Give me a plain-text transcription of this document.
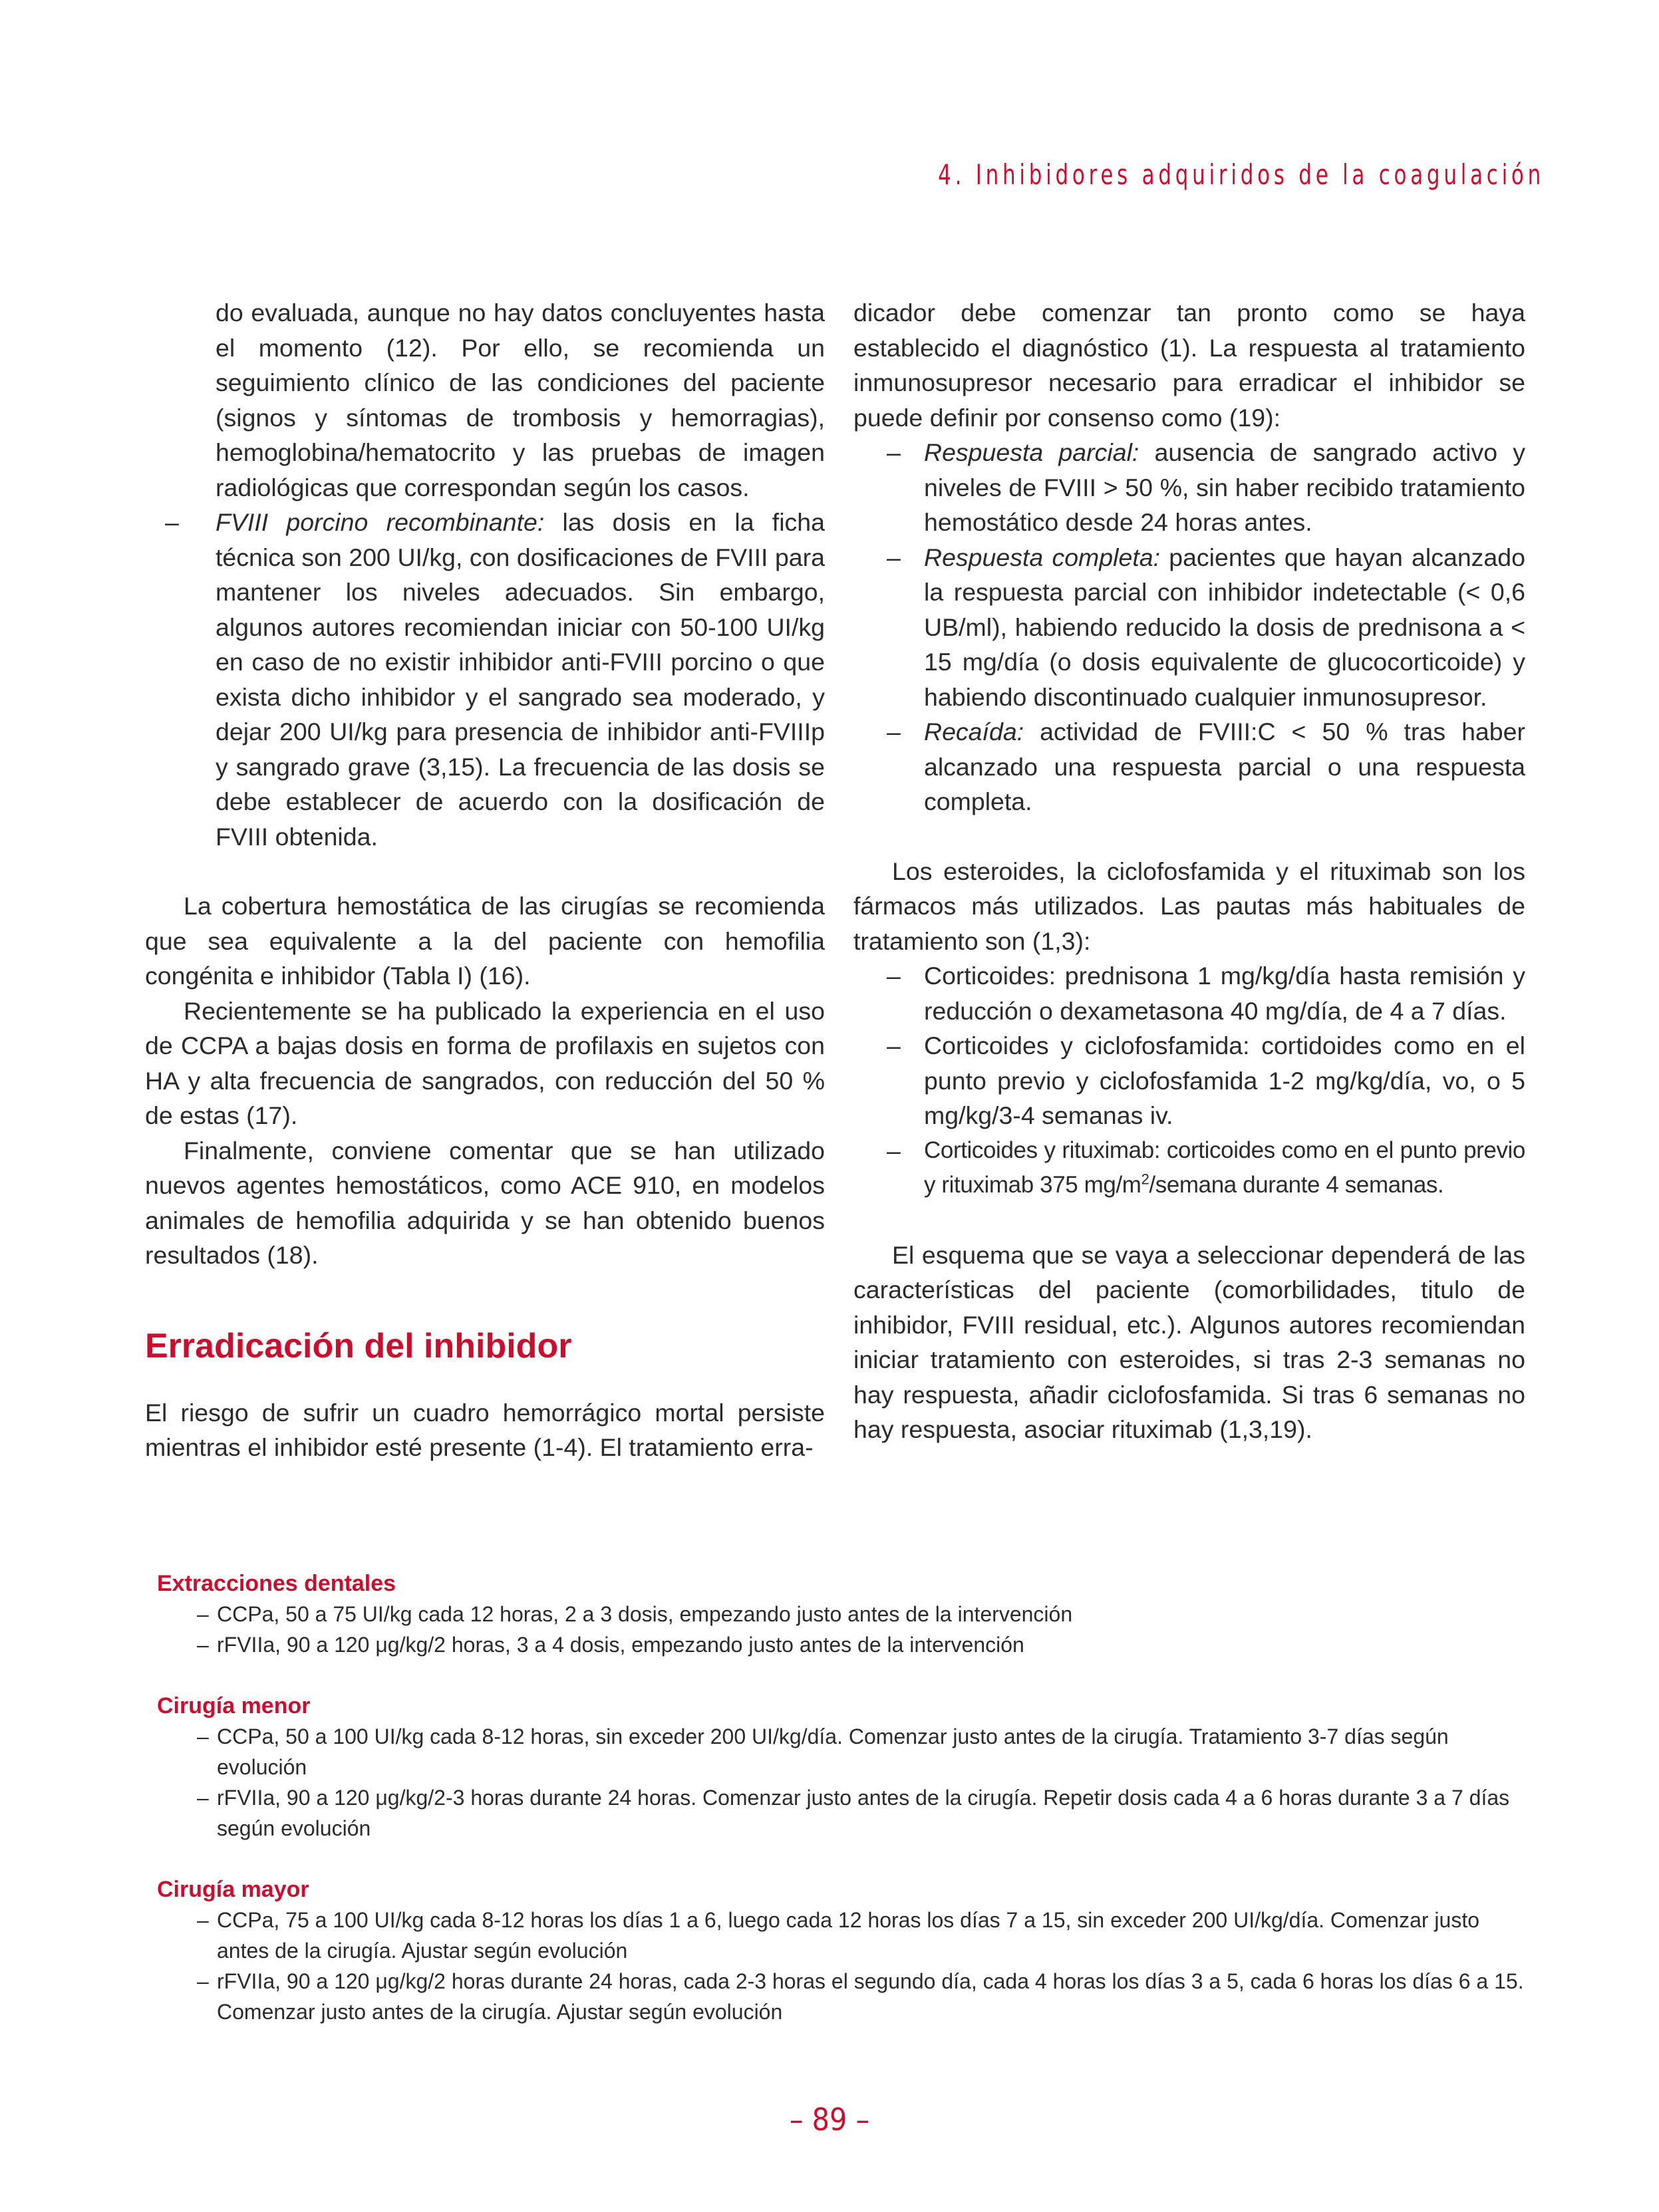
4. Inhibidores adquiridos de la coagulación

do evaluada, aunque no hay datos concluyentes hasta el momento (12). Por ello, se recomienda un seguimiento clínico de las condiciones del paciente (signos y síntomas de trombosis y hemorragias), hemoglobina/hematocrito y las pruebas de imagen radiológicas que correspondan según los casos.

– FVIII porcino recombinante: las dosis en la ficha técnica son 200 UI/kg, con dosificaciones de FVIII para mantener los niveles adecuados. Sin embargo, algunos autores recomiendan iniciar con 50-100 UI/kg en caso de no existir inhibidor anti-FVIII porcino o que exista dicho inhibidor y el sangrado sea moderado, y dejar 200 UI/kg para presencia de inhibidor anti-FVIIIp y sangrado grave (3,15). La frecuencia de las dosis se debe establecer de acuerdo con la dosificación de FVIII obtenida.

La cobertura hemostática de las cirugías se recomienda que sea equivalente a la del paciente con hemofilia congénita e inhibidor (Tabla I) (16).

Recientemente se ha publicado la experiencia en el uso de CCPA a bajas dosis en forma de profilaxis en sujetos con HA y alta frecuencia de sangrados, con reducción del 50 % de estas (17).

Finalmente, conviene comentar que se han utilizado nuevos agentes hemostáticos, como ACE 910, en modelos animales de hemofilia adquirida y se han obtenido buenos resultados (18).

Erradicación del inhibidor

El riesgo de sufrir un cuadro hemorrágico mortal persiste mientras el inhibidor esté presente (1-4). El tratamiento erra-

dicador debe comenzar tan pronto como se haya establecido el diagnóstico (1). La respuesta al tratamiento inmunosupresor necesario para erradicar el inhibidor se puede definir por consenso como (19):

– Respuesta parcial: ausencia de sangrado activo y niveles de FVIII > 50 %, sin haber recibido tratamiento hemostático desde 24 horas antes.
– Respuesta completa: pacientes que hayan alcanzado la respuesta parcial con inhibidor indetectable (< 0,6 UB/ml), habiendo reducido la dosis de prednisona a < 15 mg/día (o dosis equivalente de glucocorticoide) y habiendo discontinuado cualquier inmunosupresor.
– Recaída: actividad de FVIII:C < 50 % tras haber alcanzado una respuesta parcial o una respuesta completa.

Los esteroides, la ciclofosfamida y el rituximab son los fármacos más utilizados. Las pautas más habituales de tratamiento son (1,3):

– Corticoides: prednisona 1 mg/kg/día hasta remisión y reducción o dexametasona 40 mg/día, de 4 a 7 días.
– Corticoides y ciclofosfamida: cortidoides como en el punto previo y ciclofosfamida 1-2 mg/kg/día, vo, o 5 mg/kg/3-4 semanas iv.
– Corticoides y rituximab: corticoides como en el punto previo y rituximab 375 $mg/m^2$/semana durante 4 semanas.

El esquema que se vaya a seleccionar dependerá de las características del paciente (comorbilidades, titulo de inhibidor, FVIII residual, etc.). Algunos autores recomiendan iniciar tratamiento con esteroides, si tras 2-3 semanas no hay respuesta, añadir ciclofosfamida. Si tras 6 semanas no hay respuesta, asociar rituximab (1,3,19).

Extracciones dentales
– CCPa, 50 a 75 UI/kg cada 12 horas, 2 a 3 dosis, empezando justo antes de la intervención
– rFVIIa, 90 a 120 μg/kg/2 horas, 3 a 4 dosis, empezando justo antes de la intervención
Cirugía menor
– CCPa, 50 a 100 UI/kg cada 8-12 horas, sin exceder 200 UI/kg/día. Comenzar justo antes de la cirugía. Tratamiento 3-7 días según evolución
– rFVIIa, 90 a 120 μg/kg/2-3 horas durante 24 horas. Comenzar justo antes de la cirugía. Repetir dosis cada 4 a 6 horas durante 3 a 7 días según evolución
Cirugía mayor
– CCPa, 75 a 100 UI/kg cada 8-12 horas los días 1 a 6, luego cada 12 horas los días 7 a 15, sin exceder 200 UI/kg/día. Comenzar justo antes de la cirugía. Ajustar según evolución
– rFVIIa, 90 a 120 μg/kg/2 horas durante 24 horas, cada 2-3 horas el segundo día, cada 4 horas los días 3 a 5, cada 6 horas los días 6 a 15. Comenzar justo antes de la cirugía. Ajustar según evolución
– 89 –
